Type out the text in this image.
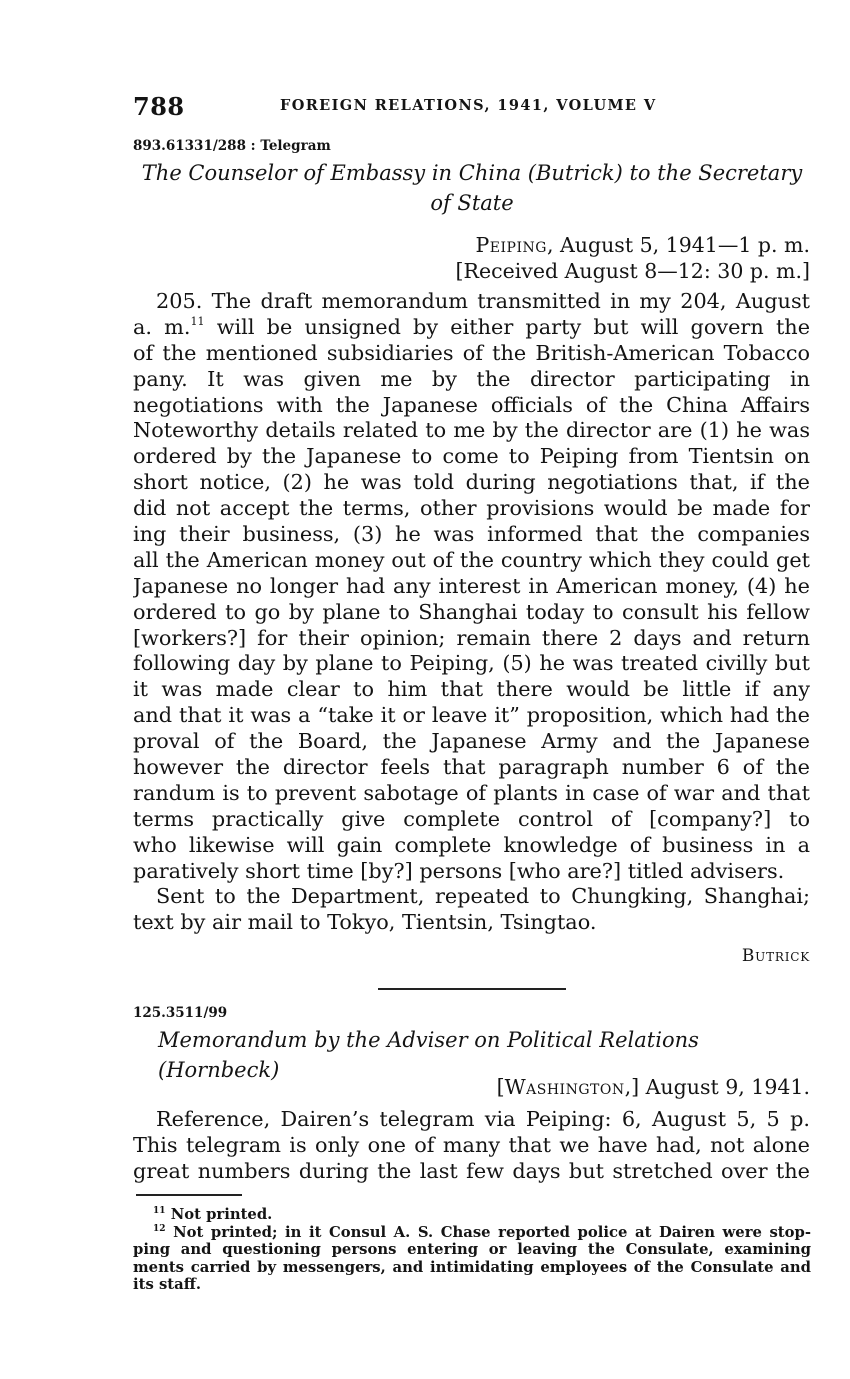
788	FOREIGN RELATIONS, 1941, VOLUME V
893.61331/288 : Telegram
The Counselor of Embassy in China (Butrick) to the Secretary
of State
Peiping, August 5, 1941—1 p. m.
[Received August 8—12: 30 p. m.]
205. The draft memorandum transmitted in my 204, August
a. m.$^{11}$ will be unsigned by either party but will govern the
of the mentioned subsidiaries of the British-American Tobacco
pany. It was given me by the director participating in
negotiations with the Japanese officials of the China Affairs
Noteworthy details related to me by the director are (1) he was
ordered by the Japanese to come to Peiping from Tientsin on
short notice, (2) he was told during negotiations that, if the
did not accept the terms, other provisions would be made for
ing their business, (3) he was informed that the companies
all the American money out of the country which they could get
Japanese no longer had any interest in American money, (4) he
ordered to go by plane to Shanghai today to consult his fellow
[workers?] for their opinion; remain there 2 days and return
following day by plane to Peiping, (5) he was treated civilly but
it was made clear to him that there would be little if any
and that it was a “take it or leave it” proposition, which had the
proval of the Board, the Japanese Army and the Japanese
however the director feels that paragraph number 6 of the
randum is to prevent sabotage of plants in case of war and that
terms practically give complete control of [company?] to
who likewise will gain complete knowledge of business in a
paratively short time [by?] persons [who are?] titled advisers.
Sent to the Department, repeated to Chungking, Shanghai;
text by air mail to Tokyo, Tientsin, Tsingtao.
Butrick
125.3511/99
Memorandum by the Adviser on Political Relations (Hornbeck)
[Washington,] August 9, 1941.
Reference, Dairen’s telegram via Peiping: 6, August 5, 5 p.
This telegram is only one of many that we have had, not alone
great numbers during the last few days but stretched over the
$^{11}$ Not printed.
$^{12}$ Not printed; in it Consul A. S. Chase reported police at Dairen were stop-
ping and questioning persons entering or leaving the Consulate, examining
ments carried by messengers, and intimidating employees of the Consulate and
its staff.
